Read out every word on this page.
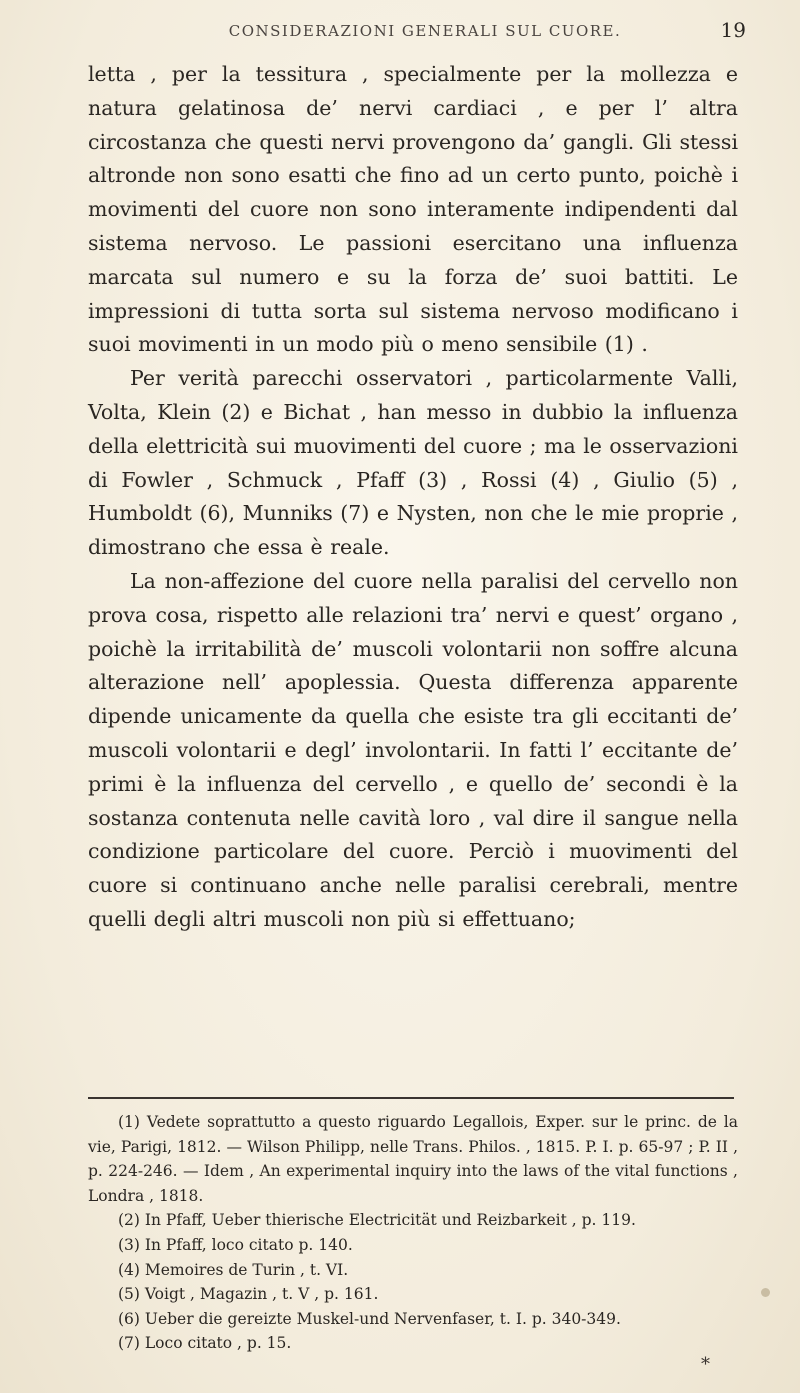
CONSIDERAZIONI GENERALI SUL CUORE.	19

letta , per la tessitura , specialmente per la mollezza e natura gelatinosa de’ nervi cardiaci , e per l’ altra circostanza che questi nervi provengono da’ gangli. Gli stessi altronde non sono esatti che fino ad un certo punto, poichè i movimenti del cuore non sono interamente indipendenti dal sistema nervoso. Le passioni esercitano una influenza marcata sul numero e su la forza de’ suoi battiti. Le impressioni di tutta sorta sul sistema nervoso modificano i suoi movimenti in un modo più o meno sensibile (1) .

Per verità parecchi osservatori , particolarmente Valli, Volta, Klein (2) e Bichat , han messo in dubbio la influenza della elettricità sui muovimenti del cuore ; ma le osservazioni di Fowler , Schmuck , Pfaff (3) , Rossi (4) , Giulio (5) , Humboldt (6), Munniks (7) e Nysten, non che le mie proprie , dimostrano che essa è reale.

La non-affezione del cuore nella paralisi del cervello non prova cosa, rispetto alle relazioni tra’ nervi e quest’ organo , poichè la irritabilità de’ muscoli volontarii non soffre alcuna alterazione nell’ apoplessia. Questa differenza apparente dipende unicamente da quella che esiste tra gli eccitanti de’ muscoli volontarii e degl’ involontarii. In fatti l’ eccitante de’ primi è la influenza del cervello , e quello de’ secondi è la sostanza contenuta nelle cavità loro , val dire il sangue nella condizione particolare del cuore. Perciò i muovimenti del cuore si continuano anche nelle paralisi cerebrali, mentre quelli degli altri muscoli non più si effettuano;

(1) Vedete soprattutto a questo riguardo Legallois, Exper. sur le princ. de la vie, Parigi, 1812. — Wilson Philipp, nelle Trans. Philos. , 1815. P. I. p. 65-97 ; P. II , p. 224-246. — Idem , An experimental inquiry into the laws of the vital functions , Londra , 1818.

(2) In Pfaff, Ueber thierische Electricität und Reizbarkeit , p. 119.

(3) In Pfaff, loco citato p. 140.

(4) Memoires de Turin , t. VI.

(5) Voigt , Magazin , t. V , p. 161.

(6) Ueber die gereizte Muskel-und Nervenfaser, t. I. p. 340-349.

(7) Loco citato , p. 15.

*
